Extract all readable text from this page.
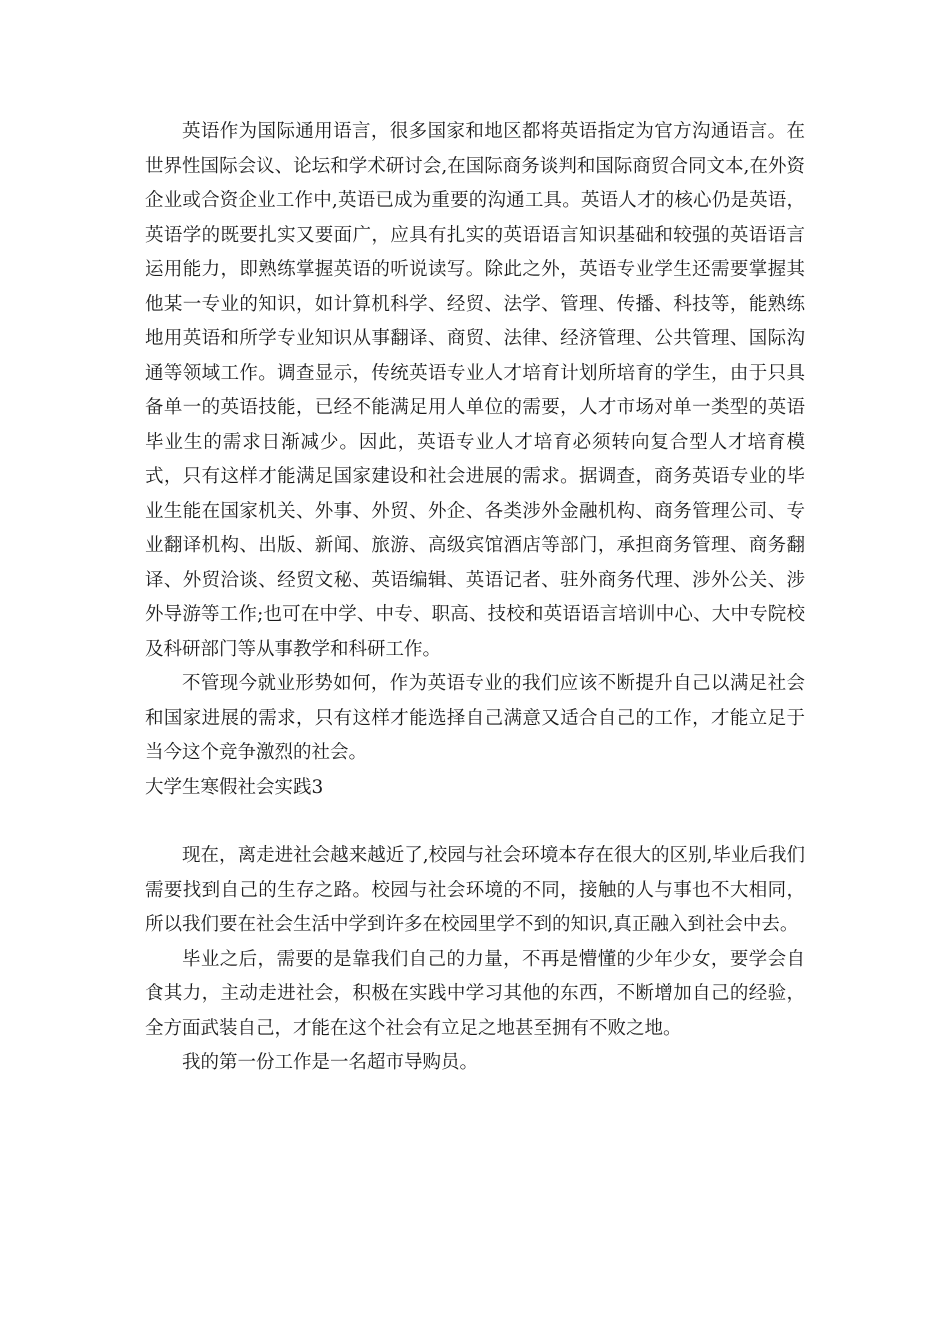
英语作为国际通用语言，很多国家和地区都将英语指定为官方沟通语言。在世界性国际会议、论坛和学术研讨会,在国际商务谈判和国际商贸合同文本,在外资企业或合资企业工作中,英语已成为重要的沟通工具。英语人才的核心仍是英语，英语学的既要扎实又要面广，应具有扎实的英语语言知识基础和较强的英语语言运用能力，即熟练掌握英语的听说读写。除此之外，英语专业学生还需要掌握其他某一专业的知识，如计算机科学、经贸、法学、管理、传播、科技等，能熟练地用英语和所学专业知识从事翻译、商贸、法律、经济管理、公共管理、国际沟通等领域工作。调查显示，传统英语专业人才培育计划所培育的学生，由于只具备单一的英语技能，已经不能满足用人单位的需要，人才市场对单一类型的英语毕业生的需求日渐减少。因此，英语专业人才培育必须转向复合型人才培育模式，只有这样才能满足国家建设和社会进展的需求。据调查，商务英语专业的毕业生能在国家机关、外事、外贸、外企、各类涉外金融机构、商务管理公司、专业翻译机构、出版、新闻、旅游、高级宾馆酒店等部门，承担商务管理、商务翻译、外贸洽谈、经贸文秘、英语编辑、英语记者、驻外商务代理、涉外公关、涉外导游等工作;也可在中学、中专、职高、技校和英语语言培训中心、大中专院校及科研部门等从事教学和科研工作。

不管现今就业形势如何，作为英语专业的我们应该不断提升自己以满足社会和国家进展的需求，只有这样才能选择自己满意又适合自己的工作，才能立足于当今这个竞争激烈的社会。

大学生寒假社会实践3

现在，离走进社会越来越近了,校园与社会环境本存在很大的区别,毕业后我们需要找到自己的生存之路。校园与社会环境的不同，接触的人与事也不大相同，所以我们要在社会生活中学到许多在校园里学不到的知识,真正融入到社会中去。

毕业之后，需要的是靠我们自己的力量，不再是懵懂的少年少女，要学会自食其力，主动走进社会，积极在实践中学习其他的东西，不断增加自己的经验，全方面武装自己，才能在这个社会有立足之地甚至拥有不败之地。

我的第一份工作是一名超市导购员。
